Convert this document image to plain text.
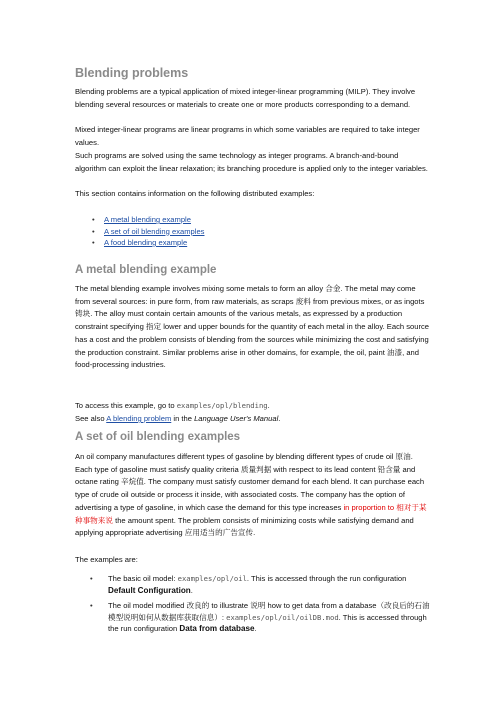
Blending problems

Blending problems are a typical application of mixed integer-linear programming (MILP). They involve blending several resources or materials to create one or more products corresponding to a demand.

Mixed integer-linear programs are linear programs in which some variables are required to take integer values.

Such programs are solved using the same technology as integer programs. A branch-and-bound algorithm can exploit the linear relaxation; its branching procedure is applied only to the integer variables.

This section contains information on the following distributed examples:

• A metal blending example
• A set of oil blending examples
• A food blending example
A metal blending example

The metal blending example involves mixing some metals to form an alloy 合金. The metal may come from several sources: in pure form, from raw materials, as scraps 废料 from previous mixes, or as ingots 铸块. The alloy must contain certain amounts of the various metals, as expressed by a production constraint specifying 指定 lower and upper bounds for the quantity of each metal in the alloy. Each source has a cost and the problem consists of blending from the sources while minimizing the cost and satisfying the production constraint. Similar problems arise in other domains, for example, the oil, paint 油漆, and food-processing industries.

To access this example, go to examples/opl/blending.

See also A blending problem in the Language User's Manual.

A set of oil blending examples

An oil company manufactures different types of gasoline by blending different types of crude oil 原油. Each type of gasoline must satisfy quality criteria 质量判据 with respect to its lead content 铅含量 and octane rating 辛烷值. The company must satisfy customer demand for each blend. It can purchase each type of crude oil outside or process it inside, with associated costs. The company has the option of advertising a type of gasoline, in which case the demand for this type increases in proportion to 相对于某种事物来说 the amount spent. The problem consists of minimizing costs while satisfying demand and applying appropriate advertising 应用适当的广告宣传.

The examples are:

• The basic oil model: examples/opl/oil. This is accessed through the run configuration Default Configuration.
• The oil model modified 改良的 to illustrate 说明 how to get data from a database（改良后的石油模型说明如何从数据库获取信息）: examples/opl/oil/oilDB.mod. This is accessed through the run configuration Data from database.
